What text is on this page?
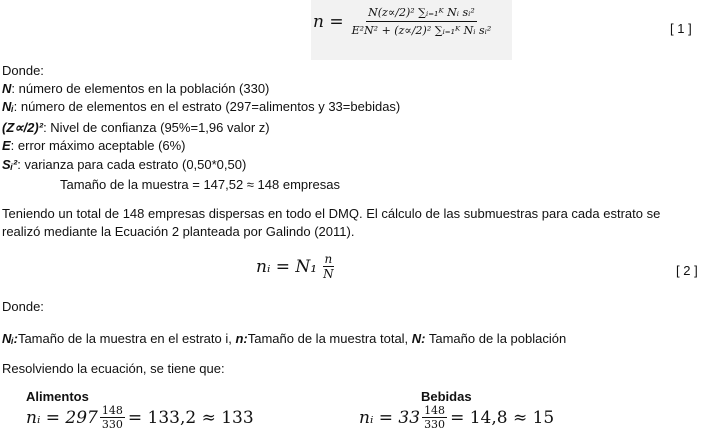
$n = \frac{\text{N(z∝/2)² ∑ᵢ₌₁ᴷ Nᵢ sᵢ²}}{\text{E²N² + (z∝/2)² ∑ᵢ₌₁ᴷ Nᵢ sᵢ²}}$	[ 1 ]
Donde:
N: número de elementos en la población (330)
Nᵢ: número de elementos en el estrato (297=alimentos y 33=bebidas)
(Z∝/2)²: Nivel de confianza (95%=1,96 valor z)
E: error máximo aceptable (6%)
Sᵢ²: varianza para cada estrato (0,50*0,50)
Tamaño de la muestra = 147,52 ≈ 148 empresas
Teniendo un total de 148 empresas dispersas en todo el DMQ. El cálculo de las submuestras para cada estrato se
realizó mediante la Ecuación 2 planteada por Galindo (2011).
nᵢ = $N_1 \frac{n}{N}$	[ 2 ]
Donde:
Nᵢ:Tamaño de la muestra en el estrato i, n:Tamaño de la muestra total, N: Tamaño de la población
Resolviendo la ecuación, se tiene que:
Alimentos
nᵢ = $297 \frac{148}{330} = 133,2 \approx 133$
Bebidas
nᵢ = $33 \frac{148}{330} = 14,8 \approx 15$
